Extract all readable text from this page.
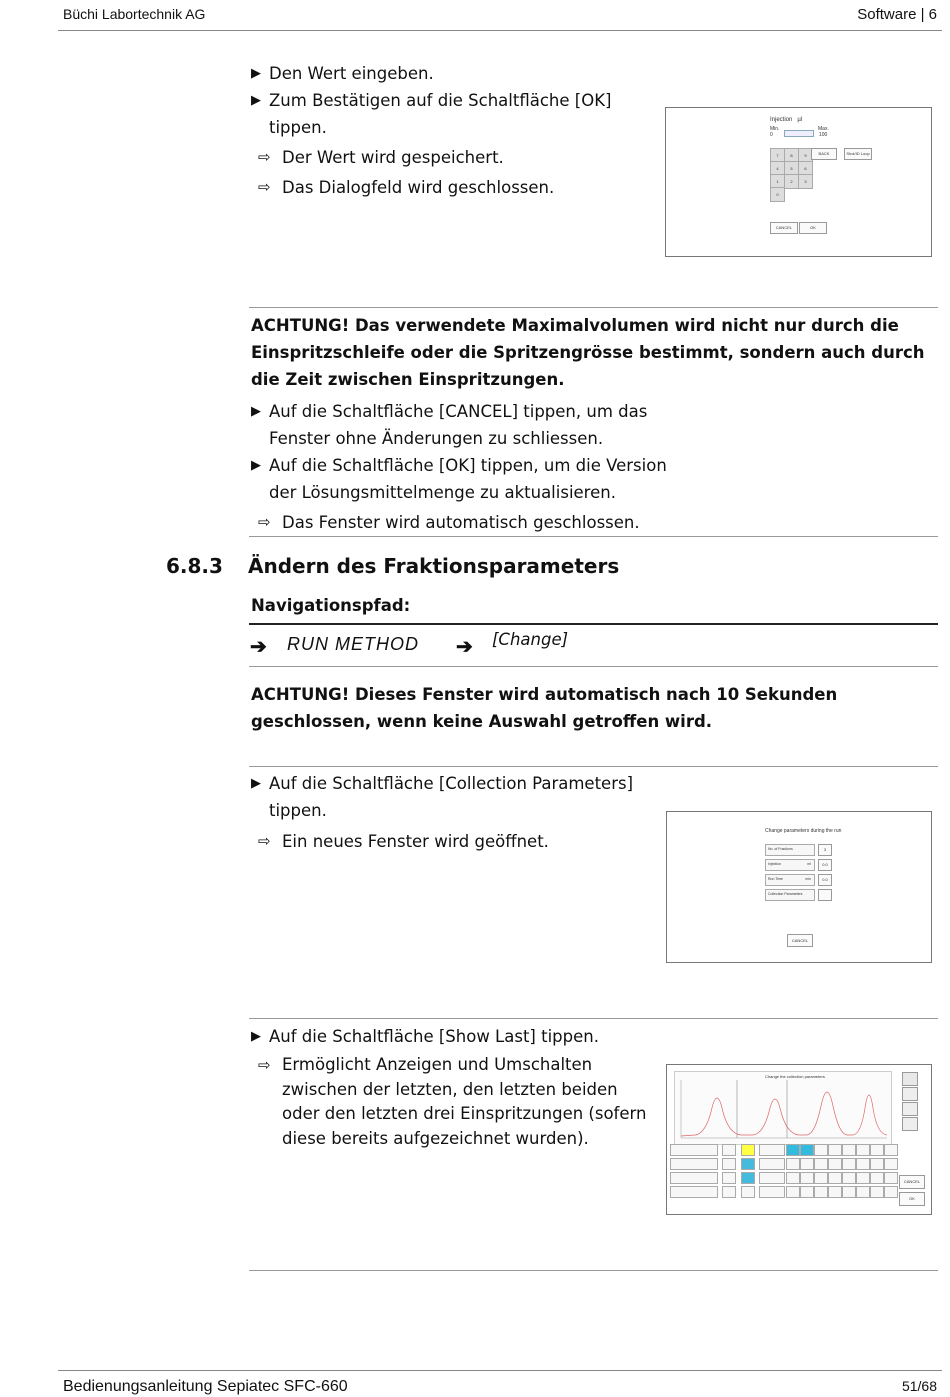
Büchi Labortechnik AG	Software | 6
▶ Den Wert eingeben.
▶ Zum Bestätigen auf die Schaltfläche [OK] tippen.
⇨ Der Wert wird gespeichert.
⇨ Das Dialogfeld wird geschlossen.
Injection µl
Min.	Max.
0	100
7	8	9
4	5	6
1	2	3
0
BACK	Shot/ID Loop
CANCEL	OK
ACHTUNG! Das verwendete Maximalvolumen wird nicht nur durch die Einspritzschleife oder die Spritzengrösse bestimmt, sondern auch durch die Zeit zwischen Einspritzungen.
▶ Auf die Schaltfläche [CANCEL] tippen, um das Fenster ohne Änderungen zu schliessen.
▶ Auf die Schaltfläche [OK] tippen, um die Version der Lösungsmittelmenge zu aktualisieren.
⇨ Das Fenster wird automatisch geschlossen.
6.8.3 Ändern des Fraktionsparameters
Navigationspfad:
➔ RUN METHOD ➔ [Change]
ACHTUNG! Dieses Fenster wird automatisch nach 10 Sekunden geschlossen, wenn keine Auswahl getroffen wird.
▶ Auf die Schaltfläche [Collection Parameters] tippen.
⇨ Ein neues Fenster wird geöffnet.
Change parameters during the run
No. of Fractions	3
Injection	ml	0.0
Run Time	min	0.0
Collection Parameters
CANCEL
▶ Auf die Schaltfläche [Show Last] tippen.
⇨ Ermöglicht Anzeigen und Umschalten zwischen der letzten, den letzten beiden oder den letzten drei Einspritzungen (sofern diese bereits aufgezeichnet wurden).
Change the collection parameters
CANCEL
OK
Bedienungsanleitung Sepiatec SFC-660	51/68
